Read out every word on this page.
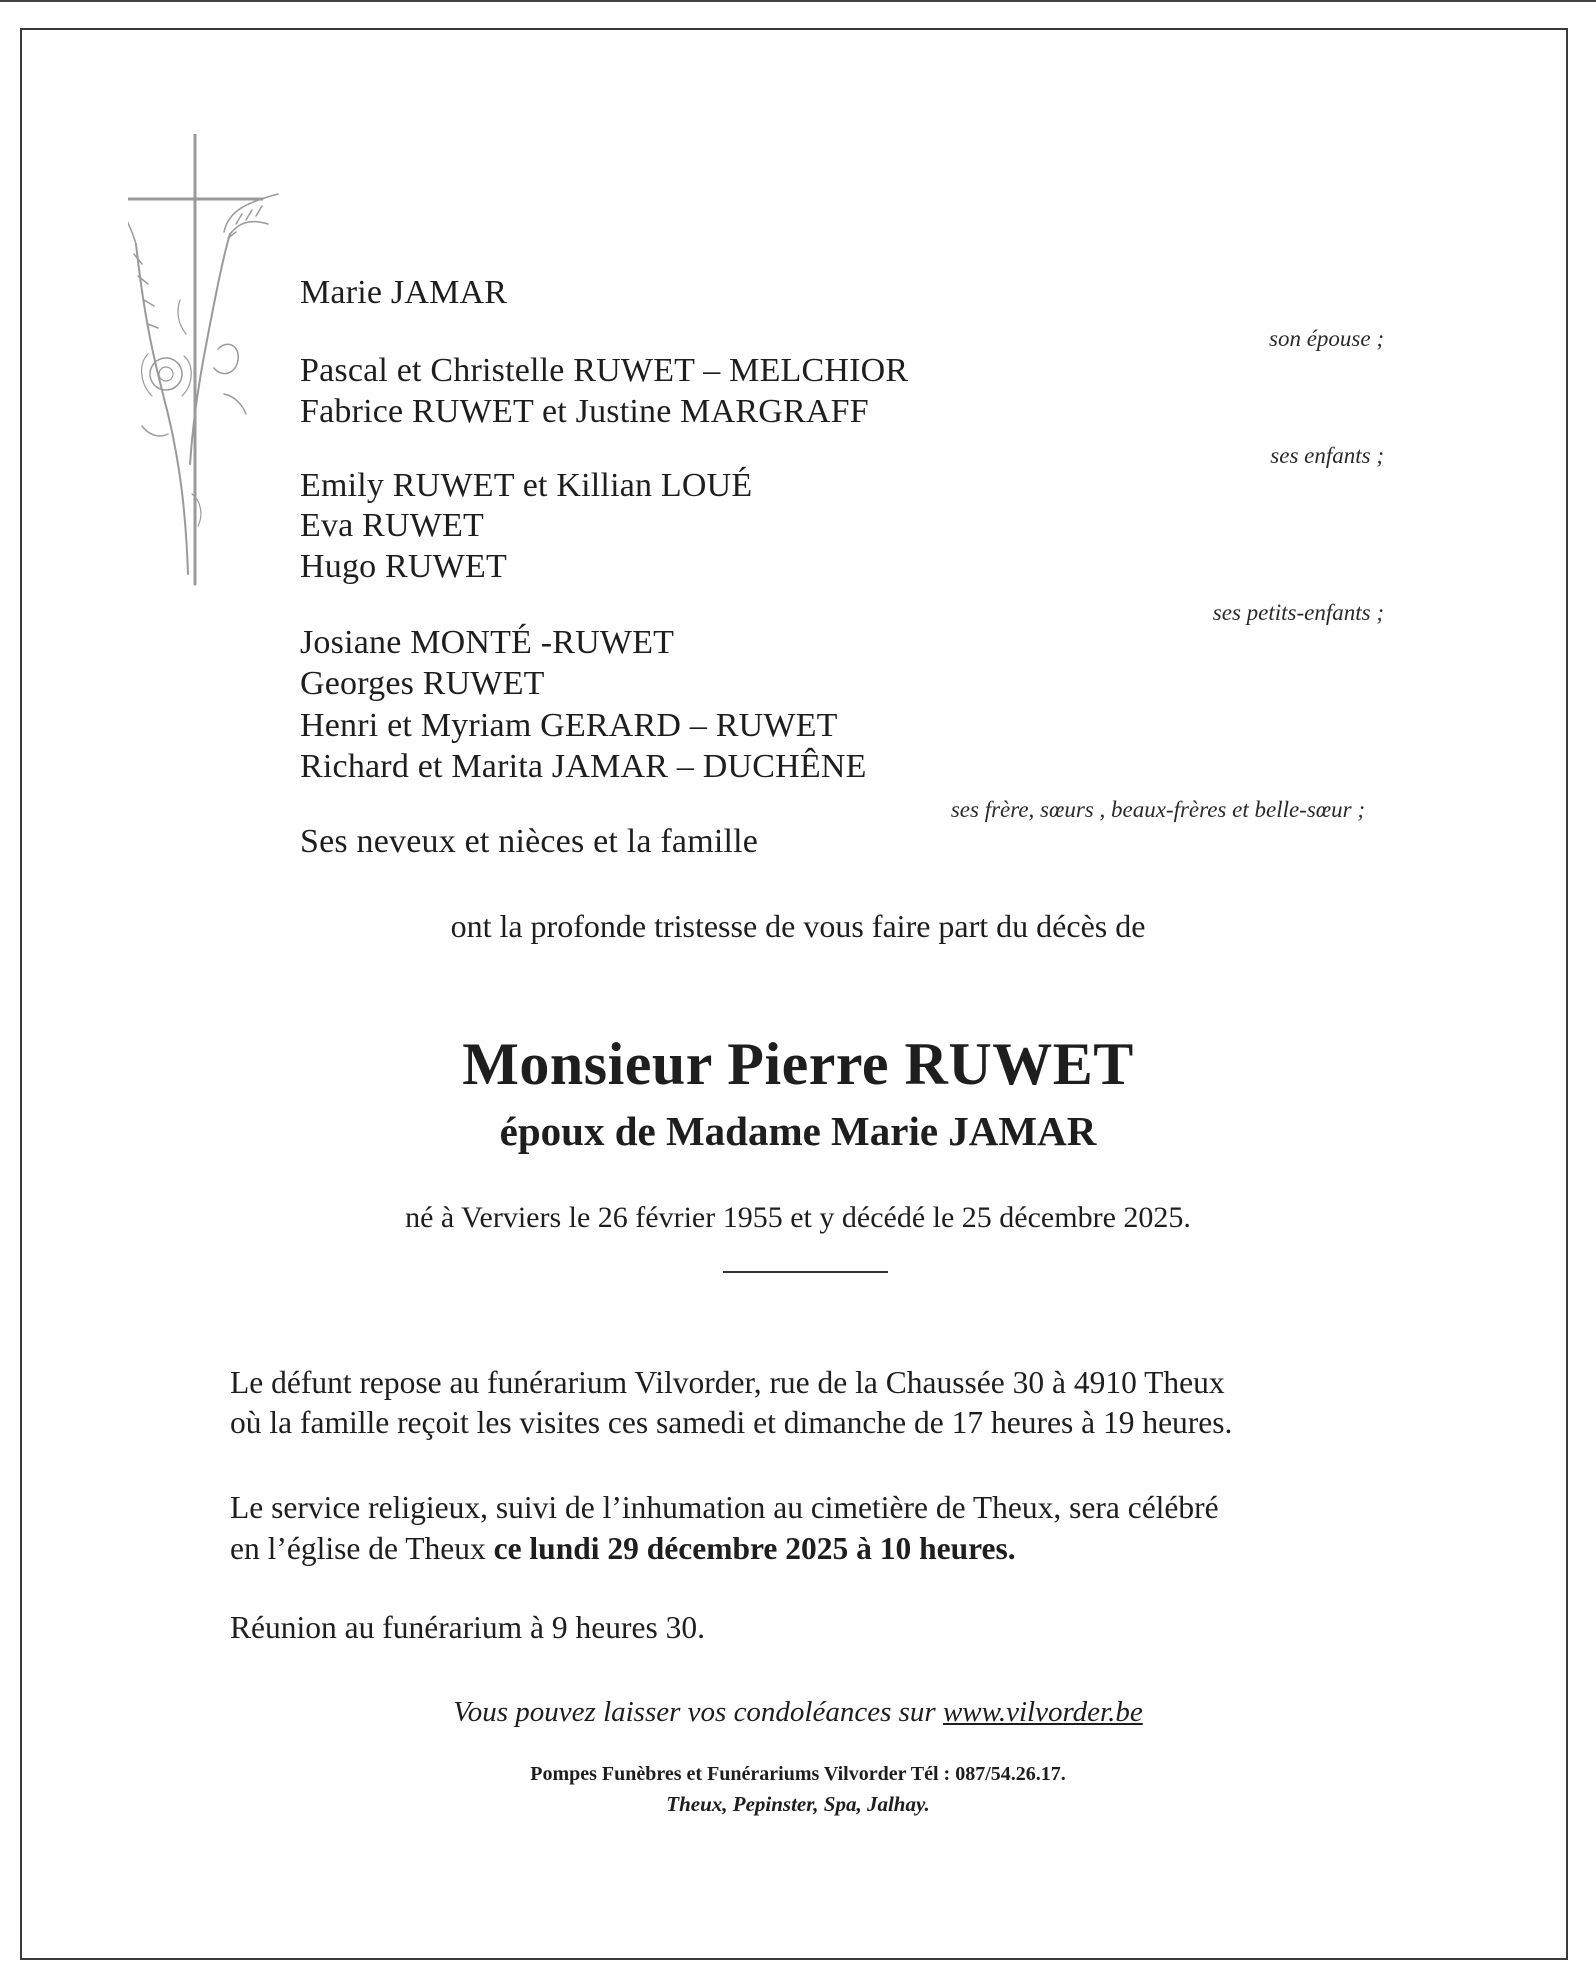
Marie JAMAR
son épouse ;
Pascal et Christelle RUWET – MELCHIOR
Fabrice RUWET et Justine MARGRAFF
ses enfants ;
Emily RUWET et Killian LOUÉ
Eva RUWET
Hugo RUWET
ses petits-enfants ;
Josiane MONTÉ -RUWET
Georges RUWET
Henri et Myriam GERARD – RUWET
Richard et Marita JAMAR – DUCHÊNE
ses frère, sœurs , beaux-frères et belle-sœur ;
Ses neveux et nièces et la famille
ont la profonde tristesse de vous faire part du décès de
Monsieur Pierre RUWET
époux de Madame Marie JAMAR
né à Verviers le 26 février 1955 et y décédé le 25 décembre 2025.
Le défunt repose au funérarium Vilvorder, rue de la Chaussée 30 à 4910 Theux
où la famille reçoit les visites ces samedi et dimanche de 17 heures à 19 heures.
Le service religieux, suivi de l’inhumation au cimetière de Theux, sera célébré
en l’église de Theux ce lundi 29 décembre 2025 à 10 heures.
Réunion au funérarium à 9 heures 30.
Vous pouvez laisser vos condoléances sur www.vilvorder.be
Pompes Funèbres et Funérariums Vilvorder Tél : 087/54.26.17.
Theux, Pepinster, Spa, Jalhay.
